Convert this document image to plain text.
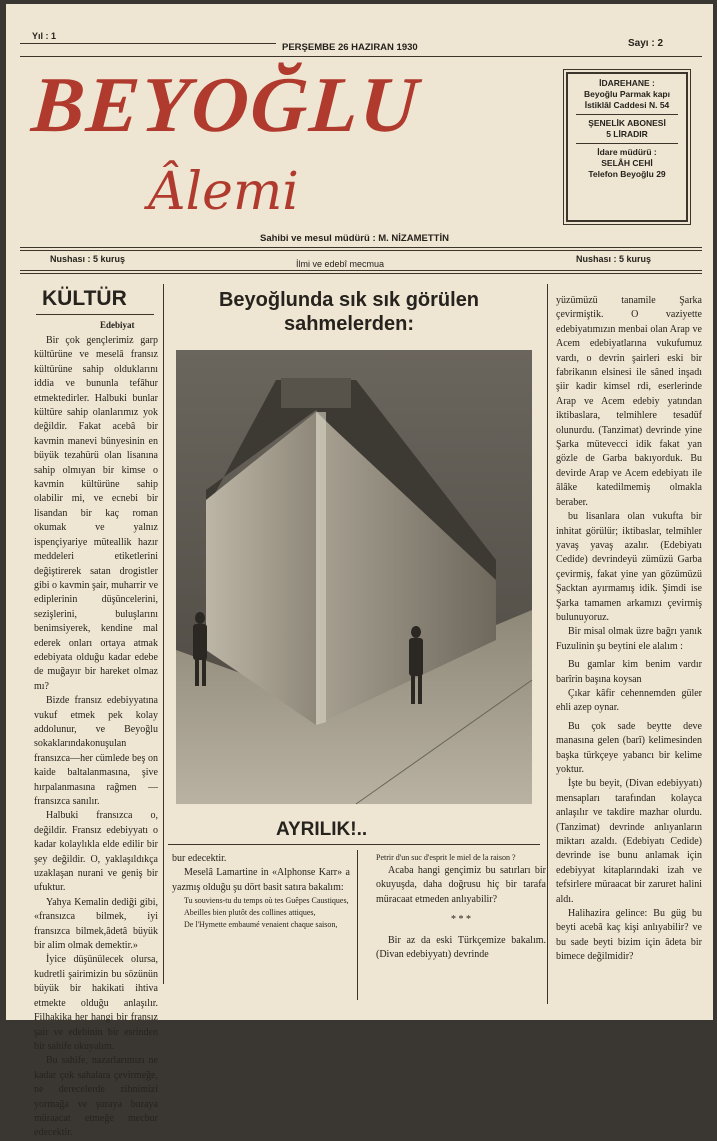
Yıl : 1
PERŞEMBE 26 HAZIRAN 1930	Sayı : 2
BEYOĞLU
Âlemi
İDAREHANE :
Beyoğlu Parmak kapı
İstiklâl Caddesi N. 54
ŞENELİK ABONESİ
5 LİRADIR
İdare müdürü :
SELÂH CEHİ
Telefon Beyoğlu 29
Sahibi ve mesul müdürü : M. NİZAMETTİN
Nushası : 5 kuruş	İlmi ve edebî mecmua	Nushası : 5 kuruş
KÜLTÜR
Edebiyat

Bir çok gençlerimiz garp kültürüne ve meselâ fransız kültürüne sahip olduklarını iddia ve bununla tefâhur etmektedirler. Halbuki bunlar kültüre sahip olanlarımız yok değildir. Fakat acebâ bir kavmin manevi bünyesinin en büyük tezahürü olan lisanına sahip olmıyan bir kimse o kavmin kültürüne sahip olabilir mi, ve ecnebi bir lisandan bir kaç roman okumak ve yalnız ispençiyariye müteallik hazır meddeleri etiketlerini değiştirerek satan drogistler gibi o kavmin şair, muharrir ve ediplerinin düşüncelerini, sezişlerini, buluşlarını benimsiyerek, kendine mal ederek onları ortaya atmak edebiyata olduğu kadar edebe de muğayır bir hareket olmaz mı?

Bizde fransız edebiyyatına vukuf etmek pek kolay addolunur, ve Beyoğlu sokaklarındakonuşulan fransızca—her cümlede beş on kaide baltalanmasına, şive hırpalanmasına rağmen — fransızca sanılır.

Halbuki fransızca o, değildir. Fransız edebiyyatı o kadar kolaylıkla elde edilir bir şey değildir. O, yaklaşıldıkça uzaklaşan nurani ve geniş bir ufuktur.

Yahya Kemalin dediği gibi, «fransızca bilmek, iyi fransızca bilmek,âdetâ büyük bir alim olmak demektir.»

İyice düşünülecek olursa, kudretli şairimizin bu sözünün büyük bir hakikati ihtiva etmekte olduğu anlaşılır. Filhakika her hangi bir fransız şair ve edebinin bir esrinden bir sahife okuyalım.

Bu sahife, nazarlarımızı ne kadar çok sahalara çevirmeğe, ne derecelerde zihnimizi yormağa ve şuraya buraya müraacat etmeğe mecbur edecektir.

Beyoğlunda sık sık görülen sahmelerden:
AYRILIK!..

bur edecektir.

Meselâ Lamartine in «Alphonse Karr» a yazmış olduğu şu dört basit satıra bakalım:

Tu souviens-tu du temps où tes Guêpes Caustiques,

Abeilles bien plutôt des collines attiques,

De l'Hymette embaumé venaient chaque saison,

Petrir d'un suc d'esprit le miel de la raison ?

Acaba hangi gençimiz bu satırları bir okuyuşda, daha doğrusu hiç bir tarafa müracaat etmeden anlıyabilir?

* * *

Bir az da eski Türkçemize bakalım. (Divan edebiyyatı) devrinde

yüzümüzü tanamile Şarka çevirmiştik. O vaziyette edebiyatımızın menbai olan Arap ve Acem edebiyatlarına vukufumuz vardı, o devrin şairleri eski bir fabrikanın elsinesi ile sâned inşadı şiir kadir kimsel rdi, eserlerinde Arap ve Acem edebiy yatından iktibaslara, telmihlere tesadüf olunurdu. (Tanzimat) devrinde yine Şarka mütevecci idik fakat yan gözle de Garba bakıyorduk. Bu devirde Arap ve Acem edebiyatı ile âlâke katedilmemiş olmakla beraber.

bu lisanlara olan vukufta bir inhitat görülür; iktibaslar, telmihler yavaş yavaş azalır. (Edebiyatı Cedide) devrindeyü zümüzü Garba çevirmiş, fakat yine yan gözümüzü Şacktan ayırmamış idik. Şimdi ise Şarka tamamen arkamızı çevirmiş bulunuyoruz.

Bir misal olmak üzre bağrı yanık Fuzulinin şu beytini ele alalım :

Bu gamlar kim benim vardır barîrin başına koysan

Çıkar kâfir cehennemden güler ehli azep oynar.

Bu çok sade beytte deve manasına gelen (barî) kelimesinden başka türkçeye yabancı bir kelime yoktur.

İşte bu beyit, (Divan edebiyyatı) mensapları tarafından kolayca anlaşılır ve takdire mazhar olurdu. (Tanzimat) devrinde anlıyanların miktarı azaldı. (Edebiyatı Cedide) devrinde ise bunu anlamak için edebiyyat kitaplarındaki izah ve tefsirlere müraacat bir zaruret halini aldı.

Halihazira gelince: Bu güg bu beyti acebâ kaç kişi anlıyabilir? ve bu sade beyti bizim için âdeta bir bimece değilmidir?
